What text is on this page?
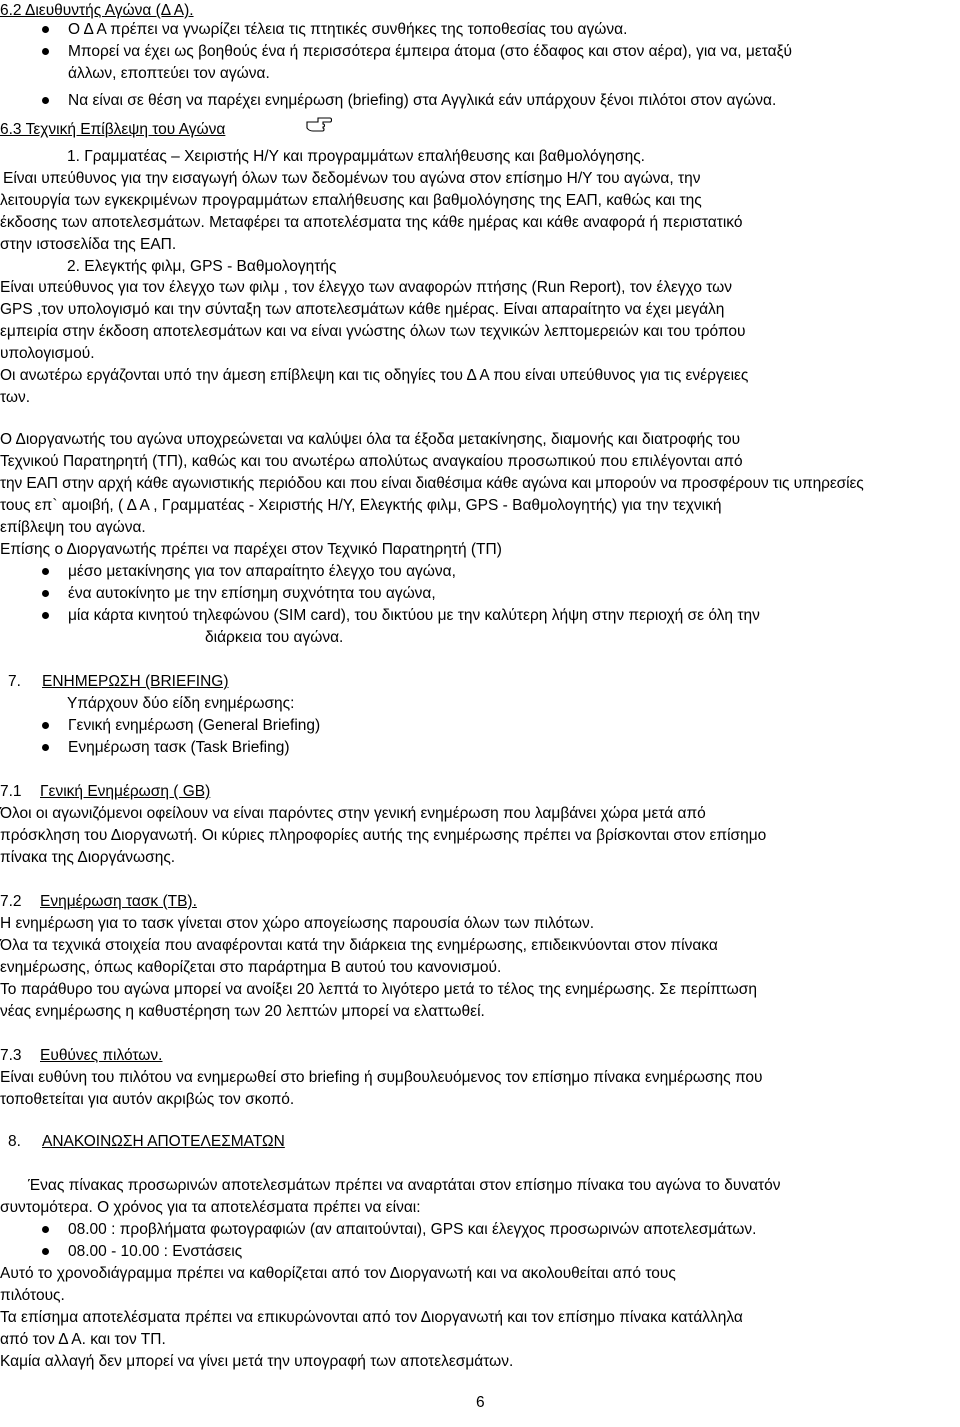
6.2 Διευθυντής Αγώνα (Δ Α).
Ο Δ Α πρέπει να γνωρίζει τέλεια τις πτητικές συνθήκες της τοποθεσίας του αγώνα.
Μπορεί να έχει ως βοηθούς ένα ή περισσότερα έμπειρα άτομα (στο έδαφος και στον αέρα), για να, μεταξύ
άλλων, εποπτεύει τον αγώνα.
Να είναι σε θέση να παρέχει ενημέρωση (briefing) στα Αγγλικά εάν υπάρχουν ξένοι πιλότοι στον αγώνα.
6.3 Τεχνική Επίβλεψη του Αγώνα
1. Γραμματέας – Χειριστής Η/Υ και προγραμμάτων επαλήθευσης και βαθμολόγησης.
Είναι υπεύθυνος για την εισαγωγή όλων των δεδομένων του αγώνα στον επίσημο Η/Υ του αγώνα, την
λειτουργία των εγκεκριμένων προγραμμάτων επαλήθευσης και βαθμολόγησης της ΕΑΠ, καθώς και της
έκδοσης των αποτελεσμάτων. Μεταφέρει τα αποτελέσματα της κάθε ημέρας και κάθε αναφορά ή περιστατικό
στην ιστοσελίδα της ΕΑΠ.
2. Ελεγκτής φιλμ, GPS - Βαθμολογητής
Είναι υπεύθυνος για τον έλεγχο των φιλμ , τον έλεγχο των αναφορών πτήσης (Run Report), τον έλεγχο των
GPS ,τον υπολογισμό και την σύνταξη των αποτελεσμάτων κάθε ημέρας. Είναι απαραίτητο να έχει μεγάλη
εμπειρία στην έκδοση αποτελεσμάτων και να είναι γνώστης όλων των τεχνικών λεπτομερειών και του τρόπου
υπολογισμού.
Οι ανωτέρω εργάζονται υπό την άμεση επίβλεψη και τις οδηγίες του Δ Α που είναι υπεύθυνος για τις ενέργειες
των.
Ο Διοργανωτής του αγώνα υποχρεώνεται να καλύψει όλα τα έξοδα μετακίνησης, διαμονής και διατροφής του
Τεχνικού Παρατηρητή (ΤΠ), καθώς και του ανωτέρω απολύτως αναγκαίου προσωπικού που επιλέγονται από
την ΕΑΠ στην αρχή κάθε αγωνιστικής περιόδου και που είναι διαθέσιμα κάθε αγώνα και μπορούν να προσφέρουν τις υπηρεσίες
τους επ` αμοιβή, ( Δ Α , Γραμματέας - Χειριστής Η/Υ, Ελεγκτής φιλμ, GPS - Βαθμολογητής) για την τεχνική
επίβλεψη του αγώνα.
Επίσης ο Διοργανωτής πρέπει να παρέχει στον Τεχνικό Παρατηρητή (ΤΠ)
μέσο μετακίνησης για τον απαραίτητο έλεγχο του αγώνα,
ένα αυτοκίνητο με την επίσημη συχνότητα του αγώνα,
μία κάρτα κινητού τηλεφώνου (SIM card), του δικτύου με την καλύτερη λήψη στην περιοχή σε όλη την
διάρκεια του αγώνα.
7. ΕΝΗΜΕΡΩΣΗ (BRIEFING)
Υπάρχουν δύο είδη ενημέρωσης:
Γενική ενημέρωση (General Briefing)
Ενημέρωση τασκ (Task Briefing)
7.1 Γενική Ενημέρωση ( GB)
Όλοι οι αγωνιζόμενοι οφείλουν να είναι παρόντες στην γενική ενημέρωση που λαμβάνει χώρα μετά από
πρόσκληση του Διοργανωτή. Οι κύριες πληροφορίες αυτής της ενημέρωσης πρέπει να βρίσκονται στον επίσημο
πίνακα της Διοργάνωσης.
7.2 Ενημέρωση τασκ (ΤΒ).
Η ενημέρωση για το τασκ γίνεται στον χώρο απογείωσης παρουσία όλων των πιλότων.
Όλα τα τεχνικά στοιχεία που αναφέρονται κατά την διάρκεια της ενημέρωσης, επιδεικνύονται στον πίνακα
ενημέρωσης, όπως καθορίζεται στο παράρτημα Β αυτού του κανονισμού.
Το παράθυρο του αγώνα μπορεί να ανοίξει 20 λεπτά το λιγότερο μετά το τέλος της ενημέρωσης. Σε περίπτωση
νέας ενημέρωσης η καθυστέρηση των 20 λεπτών μπορεί να ελαττωθεί.
7.3 Ευθύνες πιλότων.
Είναι ευθύνη του πιλότου να ενημερωθεί στο briefing ή συμβουλευόμενος τον επίσημο πίνακα ενημέρωσης που
τοποθετείται για αυτόν ακριβώς τον σκοπό.
8. ΑΝΑΚΟΙΝΩΣΗ ΑΠΟΤΕΛΕΣΜΑΤΩΝ
Ένας πίνακας προσωρινών αποτελεσμάτων πρέπει να αναρτάται στον επίσημο πίνακα του αγώνα το δυνατόν
συντομότερα. Ο χρόνος για τα αποτελέσματα πρέπει να είναι:
08.00 : προβλήματα φωτογραφιών (αν απαιτούνται), GPS και έλεγχος προσωρινών αποτελεσμάτων.
08.00 - 10.00 : Ενστάσεις
Αυτό το χρονοδιάγραμμα πρέπει να καθορίζεται από τον Διοργανωτή και να ακολουθείται από τους
πιλότους.
Τα επίσημα αποτελέσματα πρέπει να επικυρώνονται από τον Διοργανωτή και τον επίσημο πίνακα κατάλληλα
από τον Δ Α. και τον ΤΠ.
Καμία αλλαγή δεν μπορεί να γίνει μετά την υπογραφή των αποτελεσμάτων.
6
